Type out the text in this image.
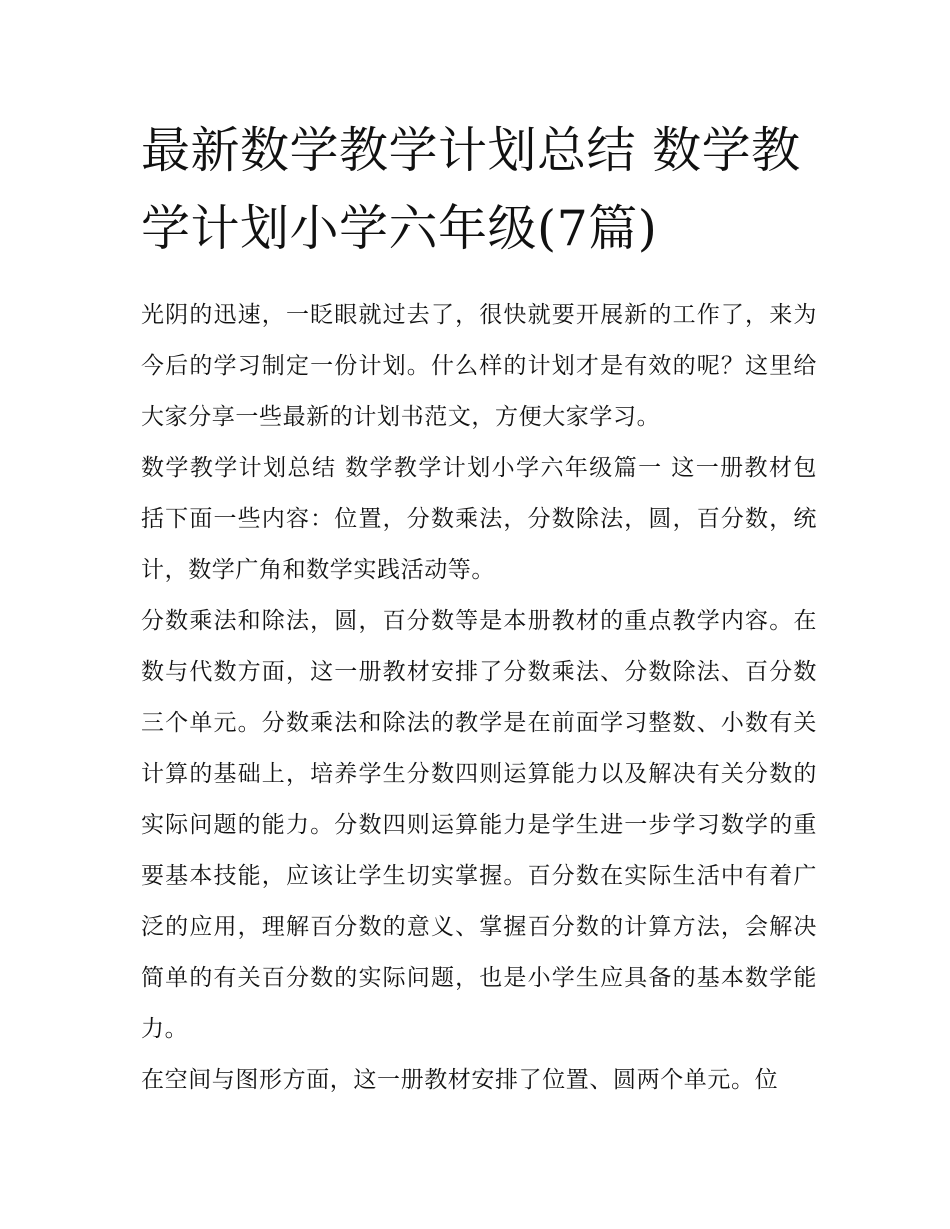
最新数学教学计划总结 数学教学计划小学六年级(7篇)

光阴的迅速，一眨眼就过去了，很快就要开展新的工作了，来为今后的学习制定一份计划。什么样的计划才是有效的呢？这里给大家分享一些最新的计划书范文，方便大家学习。

数学教学计划总结 数学教学计划小学六年级篇一 这一册教材包括下面一些内容：位置，分数乘法，分数除法，圆，百分数，统计，数学广角和数学实践活动等。

分数乘法和除法，圆，百分数等是本册教材的重点教学内容。在数与代数方面，这一册教材安排了分数乘法、分数除法、百分数三个单元。分数乘法和除法的教学是在前面学习整数、小数有关计算的基础上，培养学生分数四则运算能力以及解决有关分数的实际问题的能力。分数四则运算能力是学生进一步学习数学的重要基本技能，应该让学生切实掌握。百分数在实际生活中有着广泛的应用，理解百分数的意义、掌握百分数的计算方法，会解决简单的有关百分数的实际问题，也是小学生应具备的基本数学能力。

在空间与图形方面，这一册教材安排了位置、圆两个单元。位
